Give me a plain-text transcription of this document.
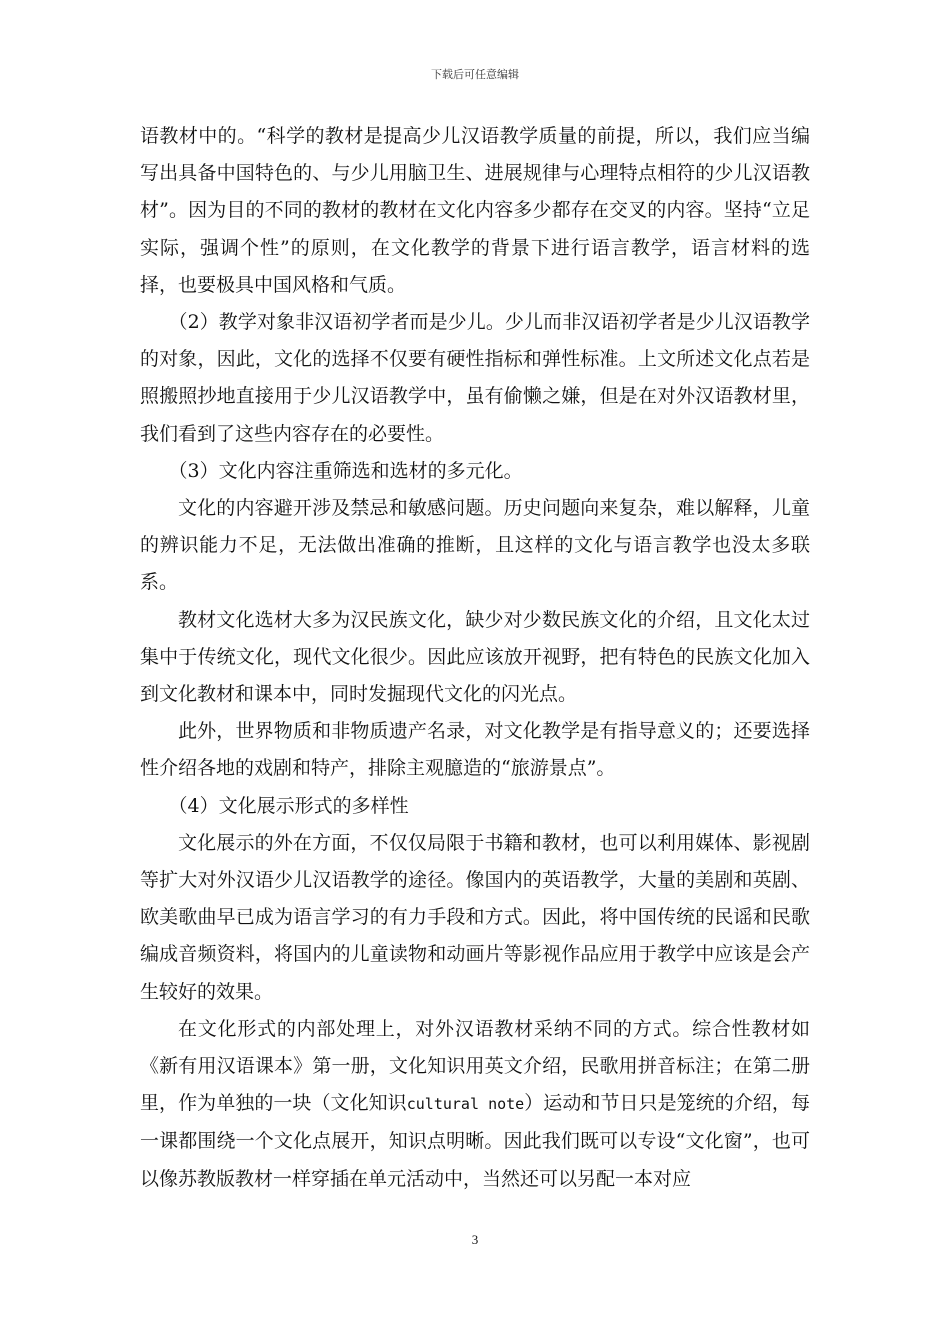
下载后可任意编辑

语教材中的。“科学的教材是提高少儿汉语教学质量的前提，所以，我们应当编写出具备中国特色的、与少儿用脑卫生、进展规律与心理特点相符的少儿汉语教材”。因为目的不同的教材的教材在文化内容多少都存在交叉的内容。坚持“立足实际，强调个性”的原则，在文化教学的背景下进行语言教学，语言材料的选择，也要极具中国风格和气质。

（2）教学对象非汉语初学者而是少儿。少儿而非汉语初学者是少儿汉语教学的对象，因此，文化的选择不仅要有硬性指标和弹性标准。上文所述文化点若是照搬照抄地直接用于少儿汉语教学中，虽有偷懒之嫌，但是在对外汉语教材里，我们看到了这些内容存在的必要性。

（3）文化内容注重筛选和选材的多元化。

文化的内容避开涉及禁忌和敏感问题。历史问题向来复杂，难以解释，儿童的辨识能力不足，无法做出准确的推断，且这样的文化与语言教学也没太多联系。

教材文化选材大多为汉民族文化，缺少对少数民族文化的介绍，且文化太过集中于传统文化，现代文化很少。因此应该放开视野，把有特色的民族文化加入到文化教材和课本中，同时发掘现代文化的闪光点。

此外，世界物质和非物质遗产名录，对文化教学是有指导意义的；还要选择性介绍各地的戏剧和特产，排除主观臆造的“旅游景点”。

（4）文化展示形式的多样性

文化展示的外在方面，不仅仅局限于书籍和教材，也可以利用媒体、影视剧等扩大对外汉语少儿汉语教学的途径。像国内的英语教学，大量的美剧和英剧、欧美歌曲早已成为语言学习的有力手段和方式。因此，将中国传统的民谣和民歌编成音频资料，将国内的儿童读物和动画片等影视作品应用于教学中应该是会产生较好的效果。

在文化形式的内部处理上，对外汉语教材采纳不同的方式。综合性教材如《新有用汉语课本》第一册，文化知识用英文介绍，民歌用拼音标注；在第二册里，作为单独的一块（文化知识cultural note）运动和节日只是笼统的介绍，每一课都围绕一个文化点展开，知识点明晰。因此我们既可以专设“文化窗”，也可以像苏教版教材一样穿插在单元活动中，当然还可以另配一本对应

3
